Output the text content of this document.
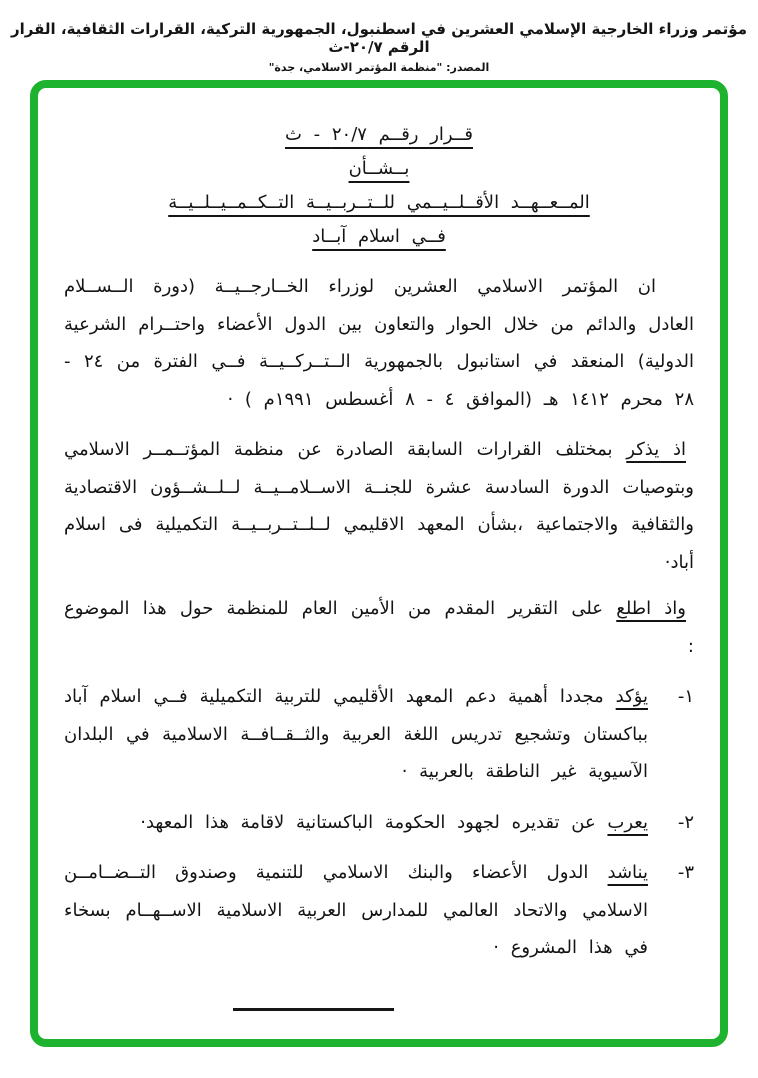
مؤتمر وزراء الخارجية الإسلامي العشرين في اسطنبول، الجمهورية التركية، القرارات الثقافية، القرار الرقم ٢٠/٧-ث
المصدر: "منظمة المؤتمر الاسلامي، جدة"
قــرار رقــم ٢٠/٧ - ث
بــشــأن
المــعــهــد الأقــلــيــمي للــتــربــيــة التــكــمــيــلــيــة
فــي اسلام آبــاد

ان المؤتمر الاسلامي العشرين لوزراء الخــارجــيــة (دورة الــســلام العادل والدائم من خلال الحوار والتعاون بين الدول الأعضاء واحتــرام الشرعية الدولية) المنعقد في استانبول بالجمهورية الــتــركــيــة فــي الفترة من ٢٤ - ٢٨ محرم ١٤١٢ هـ (الموافق ٤ - ٨ أغسطس ١٩٩١م ) ·

اذ يذكر بمختلف القرارات السابقة الصادرة عن منظمة المؤتــمــر الاسلامي وبتوصيات الدورة السادسة عشرة للجنــة الاســلامــيــة لــلــشــؤون الاقتصادية والثقافية والاجتماعية ،بشأن المعهد الاقليمي لــلــتــربــيــة التكميلية فى اسلام أباد·

واذ اطلع على التقرير المقدم من الأمين العام للمنظمة حول هذا الموضوع :

١-

يؤكد مجددا أهمية دعم المعهد الأقليمي للتربية التكميلية فــي اسلام آباد بباكستان وتشجيع تدريس اللغة العربية والثــقــافــة الاسلامية في البلدان الآسيوية غير الناطقة بالعربية ·

٢-

يعرب عن تقديره لجهود الحكومة الباكستانية لاقامة هذا المعهد·

٣-

يناشد الدول الأعضاء والبنك الاسلامي للتنمية وصندوق التــضــامــن الاسلامي والاتحاد العالمي للمدارس العربية الاسلامية الاســهــام بسخاء في هذا المشروع ·
